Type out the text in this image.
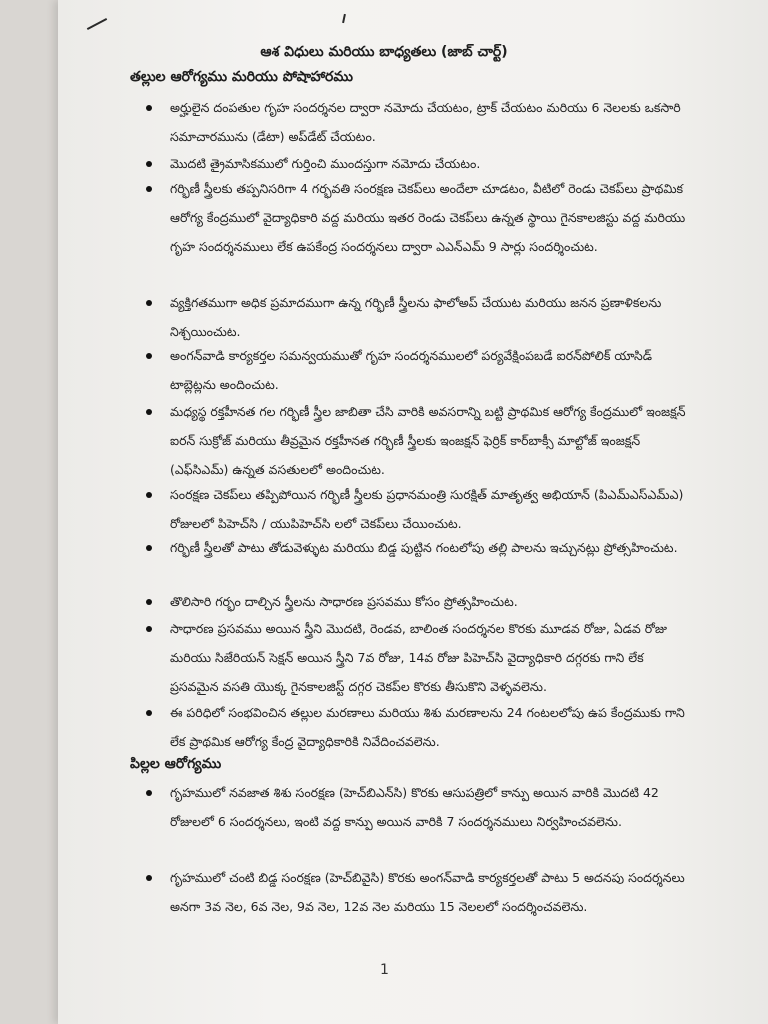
ఆశ విధులు మరియు బాధ్యతలు (జాబ్ చార్ట్)
తల్లుల ఆరోగ్యము మరియు పోషాహారము
అర్హులైన దంపతుల గృహ సందర్శనల ద్వారా నమోదు చేయటం, ట్రాక్ చేయటం మరియు 6 నెలలకు ఒకసారి సమాచారమును (డేటా) అప్‌డేట్ చేయటం.
మొదటి త్రైమాసికములో గుర్తించి ముందస్తుగా నమోదు చేయటం.
గర్భిణీ స్త్రీలకు తప్పనిసరిగా 4 గర్భవతి సంరక్షణ చెకప్‌లు అందేలా చూడటం, వీటిలో రెండు చెకప్‌లు ప్రాథమిక ఆరోగ్య కేంద్రములో వైద్యాధికారి వద్ద మరియు ఇతర రెండు చెకప్‌లు ఉన్నత స్థాయి గైనకాలజిస్టు వద్ద మరియు గృహ సందర్శనములు లేక ఉపకేంద్ర సందర్శనలు ద్వారా ఎఎన్ఎమ్ 9 సార్లు సందర్శించుట.
వ్యక్తిగతముగా అధిక ప్రమాదముగా ఉన్న గర్భిణీ స్త్రీలను ఫాలోఅప్ చేయుట మరియు జనన ప్రణాళికలను నిశ్చయించుట.
అంగన్‌వాడి కార్యకర్తల సమన్వయముతో గృహ సందర్శనములలో పర్యవేక్షింపబడే ఐరన్‌పోలిక్ యాసిడ్ టాబ్లెట్లను అందించుట.
మధ్యస్థ రక్తహీనత గల గర్భిణీ స్త్రీల జాబితా చేసి వారికి అవసరాన్ని బట్టి ప్రాథమిక ఆరోగ్య కేంద్రములో ఇంజక్షన్ ఐరన్ సుక్రోజ్ మరియు తీవ్రమైన రక్తహీనత గర్భిణీ స్త్రీలకు ఇంజక్షన్ ఫెర్రిక్ కార్‌బాక్సీ మాల్టోజ్ ఇంజక్షన్ (ఎఫ్‌సిఎమ్) ఉన్నత వసతులలో అందించుట.
సంరక్షణ చెకప్‌లు తప్పిపోయిన గర్భిణీ స్త్రీలకు ప్రధానమంత్రి సురక్షిత్ మాతృత్వ అభియాన్ (పిఎమ్ఎస్ఎమ్ఎ) రోజులలో పిహెచ్‌సి / యుపిహెచ్‌సి లలో చెకప్‌లు చేయించుట.
గర్భిణీ స్త్రీలతో పాటు తోడువెళ్ళుట మరియు బిడ్డ పుట్టిన గంటలోపు తల్లి పాలను ఇచ్చునట్లు ప్రోత్సహించుట.
తొలిసారి గర్భం దాల్చిన స్త్రీలను సాధారణ ప్రసవము కోసం ప్రోత్సహించుట.
సాధారణ ప్రసవము అయిన స్త్రీని మొదటి, రెండవ, బాలింత సందర్శనల కొరకు మూడవ రోజు, ఏడవ రోజు మరియు సిజేరియన్ సెక్షన్ అయిన స్త్రీని 7వ రోజు, 14వ రోజు పిహెచ్‌సి వైద్యాధికారి దగ్గరకు గాని లేక ప్రసవమైన వసతి యొక్క గైనకాలజిస్ట్ దగ్గర చెకప్‌ల కొరకు తీసుకొని వెళ్ళవలెను.
ఈ పరిధిలో సంభవించిన తల్లుల మరణాలు మరియు శిశు మరణాలను 24 గంటలలోపు ఉప కేంద్రముకు గాని లేక ప్రాథమిక ఆరోగ్య కేంద్ర వైద్యాధికారికి నివేదించవలెను.
పిల్లల ఆరోగ్యము
గృహములో నవజాత శిశు సంరక్షణ (హెచ్‌బిఎన్‌సి) కొరకు ఆసుపత్రిలో కాన్పు అయిన వారికి మొదటి 42 రోజులలో 6 సందర్శనలు, ఇంటి వద్ద కాన్పు అయిన వారికి 7 సందర్శనములు నిర్వహించవలెను.
గృహములో చంటి బిడ్డ సంరక్షణ (హెచ్‌బివైసి) కొరకు అంగన్‌వాడి కార్యకర్తలతో పాటు 5 అదనపు సందర్శనలు అనగా 3వ నెల, 6వ నెల, 9వ నెల, 12వ నెల మరియు 15 నెలలలో సందర్శించవలెను.
1
